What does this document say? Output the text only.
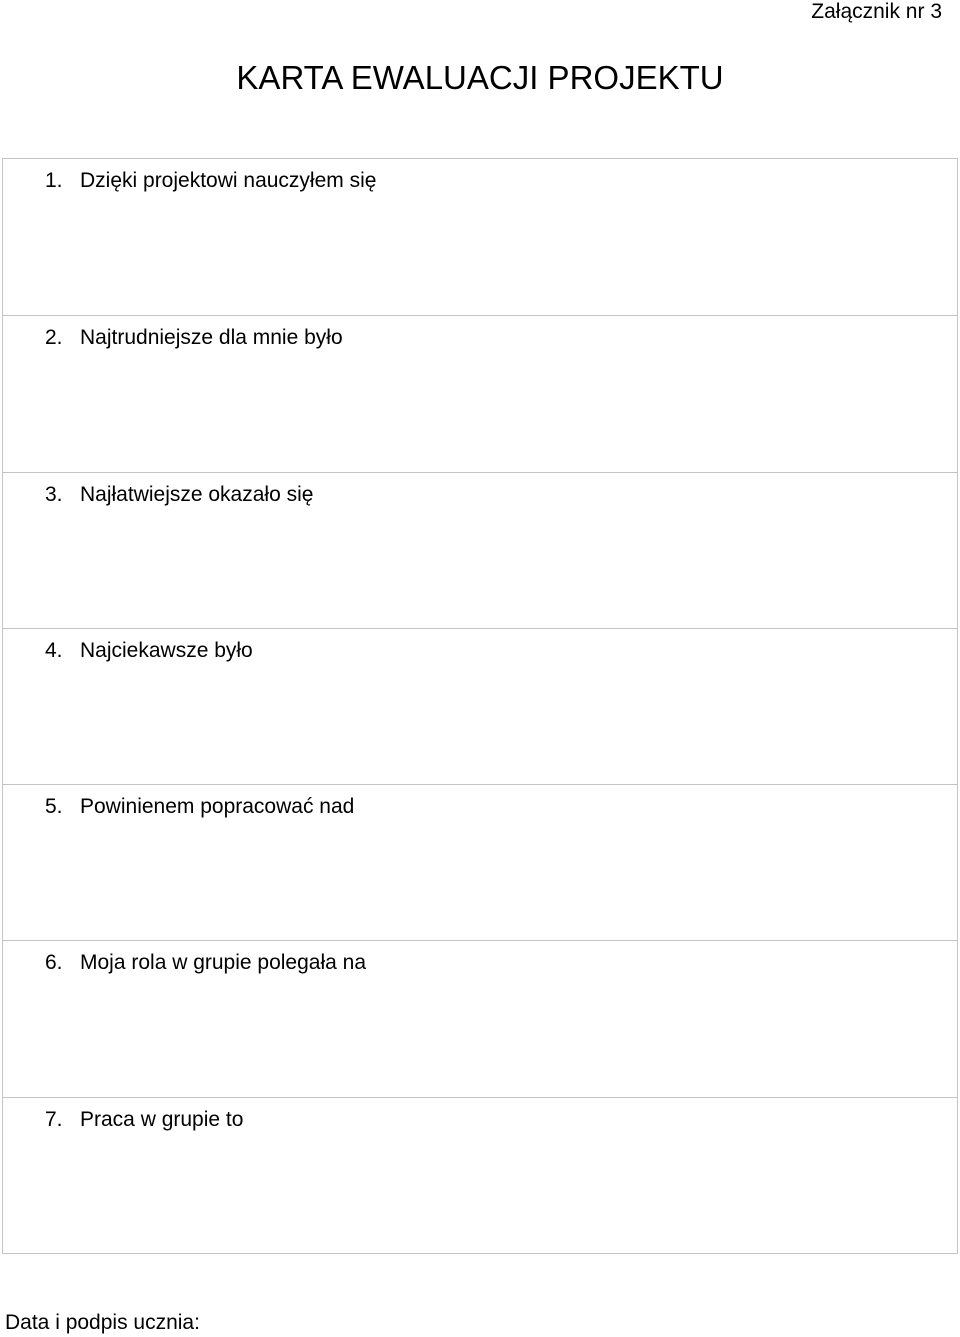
Załącznik nr 3
KARTA EWALUACJI PROJEKTU
1. Dzięki projektowi nauczyłem się
2. Najtrudniejsze dla mnie było
3. Najłatwiejsze okazało się
4. Najciekawsze było
5. Powinienem popracować nad
6. Moja rola w grupie polegała na
7. Praca w grupie to
Data i podpis ucznia:
